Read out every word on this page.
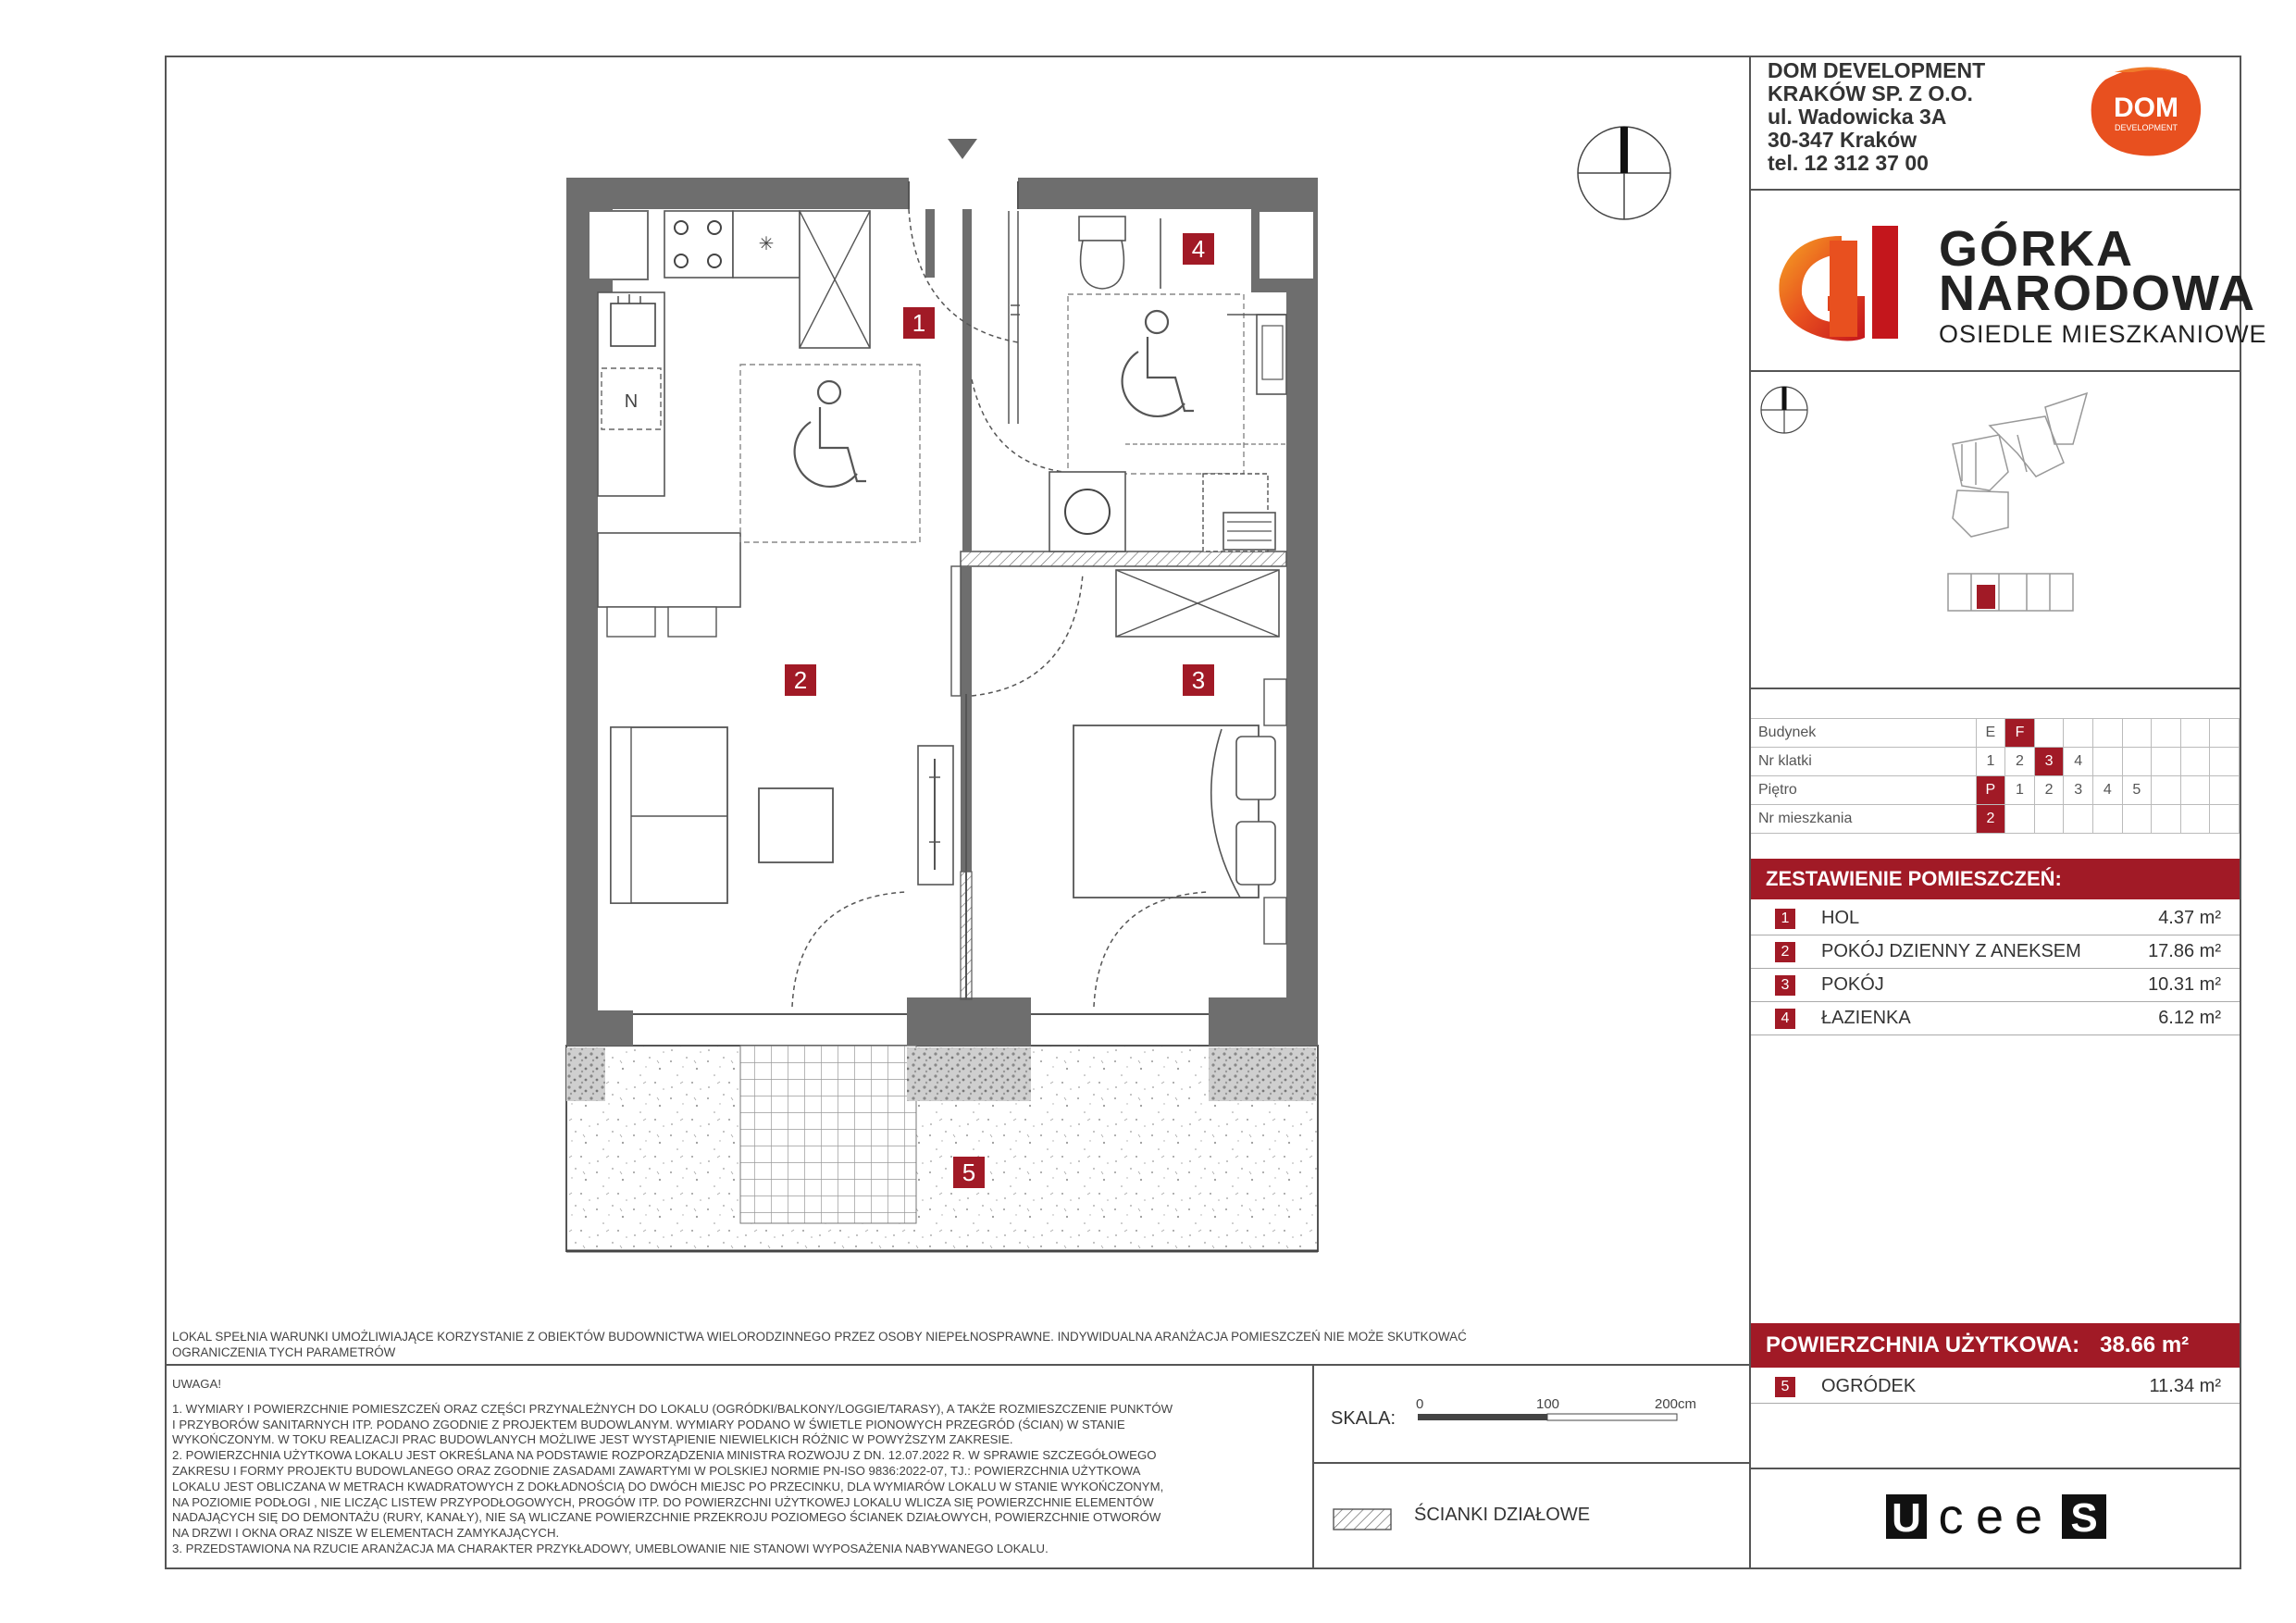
DOM DEVELOPMENT
KRAKÓW SP. Z O.O.
ul. Wadowicka 3A
30-347 Kraków
tel. 12 312 37 00
DOM
DEVELOPMENT
GÓRKA
NARODOWA
OSIEDLE MIESZKANIOWE
Budynek	E	F							
Nr klatki	1	2	3	4					
Piętro	P	1	2	3	4	5			
Nr mieszkania	2								
ZESTAWIENIE POMIESZCZEŃ:
1	HOL	4.37 m²
2	POKÓJ DZIENNY Z ANEKSEM	17.86 m²
3	POKÓJ	10.31 m²
4	ŁAZIENKA	6.12 m²
POWIERZCHNIA UŻYTKOWA: 38.66 m²
5	OGRÓDEK	11.34 m²
U c e e S
LOKAL SPEŁNIA WARUNKI UMOŻLIWIAJĄCE KORZYSTANIE Z OBIEKTÓW BUDOWNICTWA WIELORODZINNEGO PRZEZ OSOBY NIEPEŁNOSPRAWNE. INDYWIDUALNA ARANŻACJA POMIESZCZEŃ NIE MOŻE SKUTKOWAĆ
OGRANICZENIA TYCH PARAMETRÓW
UWAGA!
1. WYMIARY I POWIERZCHNIE POMIESZCZEŃ ORAZ CZĘŚCI PRZYNALEŻNYCH DO LOKALU (OGRÓDKI/BALKONY/LOGGIE/TARASY), A TAKŻE ROZMIESZCZENIE PUNKTÓW
I PRZYBORÓW SANITARNYCH ITP. PODANO ZGODNIE Z PROJEKTEM BUDOWLANYM. WYMIARY PODANO W ŚWIETLE PIONOWYCH PRZEGRÓD (ŚCIAN) W STANIE
WYKOŃCZONYM. W TOKU REALIZACJI PRAC BUDOWLANYCH MOŻLIWE JEST WYSTĄPIENIE NIEWIELKICH RÓŻNIC W POWYŻSZYM ZAKRESIE.
2. POWIERZCHNIA UŻYTKOWA LOKALU JEST OKREŚLANA NA PODSTAWIE ROZPORZĄDZENIA MINISTRA ROZWOJU Z DN. 12.07.2022 R. W SPRAWIE SZCZEGÓŁOWEGO
ZAKRESU I FORMY PROJEKTU BUDOWLANEGO ORAZ ZGODNIE ZASADAMI ZAWARTYMI W POLSKIEJ NORMIE PN-ISO 9836:2022-07, TJ.: POWIERZCHNIA UŻYTKOWA
LOKALU JEST OBLICZANA W METRACH KWADRATOWYCH Z DOKŁADNOŚCIĄ DO DWÓCH MIEJSC PO PRZECINKU, DLA WYMIARÓW LOKALU W STANIE WYKOŃCZONYM,
NA POZIOMIE PODŁOGI , NIE LICZĄC LISTEW PRZYPODŁOGOWYCH, PROGÓW ITP. DO POWIERZCHNI UŻYTKOWEJ LOKALU WLICZA SIĘ POWIERZCHNIE ELEMENTÓW
NADAJĄCYCH SIĘ DO DEMONTAŻU (RURY, KANAŁY), NIE SĄ WLICZANE POWIERZCHNIE PRZEKROJU POZIOMEGO ŚCIANEK DZIAŁOWYCH, POWIERZCHNIE OTWORÓW
NA DRZWI I OKNA ORAZ NISZE W ELEMENTACH ZAMYKAJĄCYCH.
3. PRZEDSTAWIONA NA RZUCIE ARANŻACJA MA CHARAKTER PRZYKŁADOWY, UMEBLOWANIE NIE STANOWI WYPOSAŻENIA NABYWANEGO LOKALU.
SKALA:
0	100	200cm
ŚCIANKI DZIAŁOWE
✳
N
1
2	3
4
5
